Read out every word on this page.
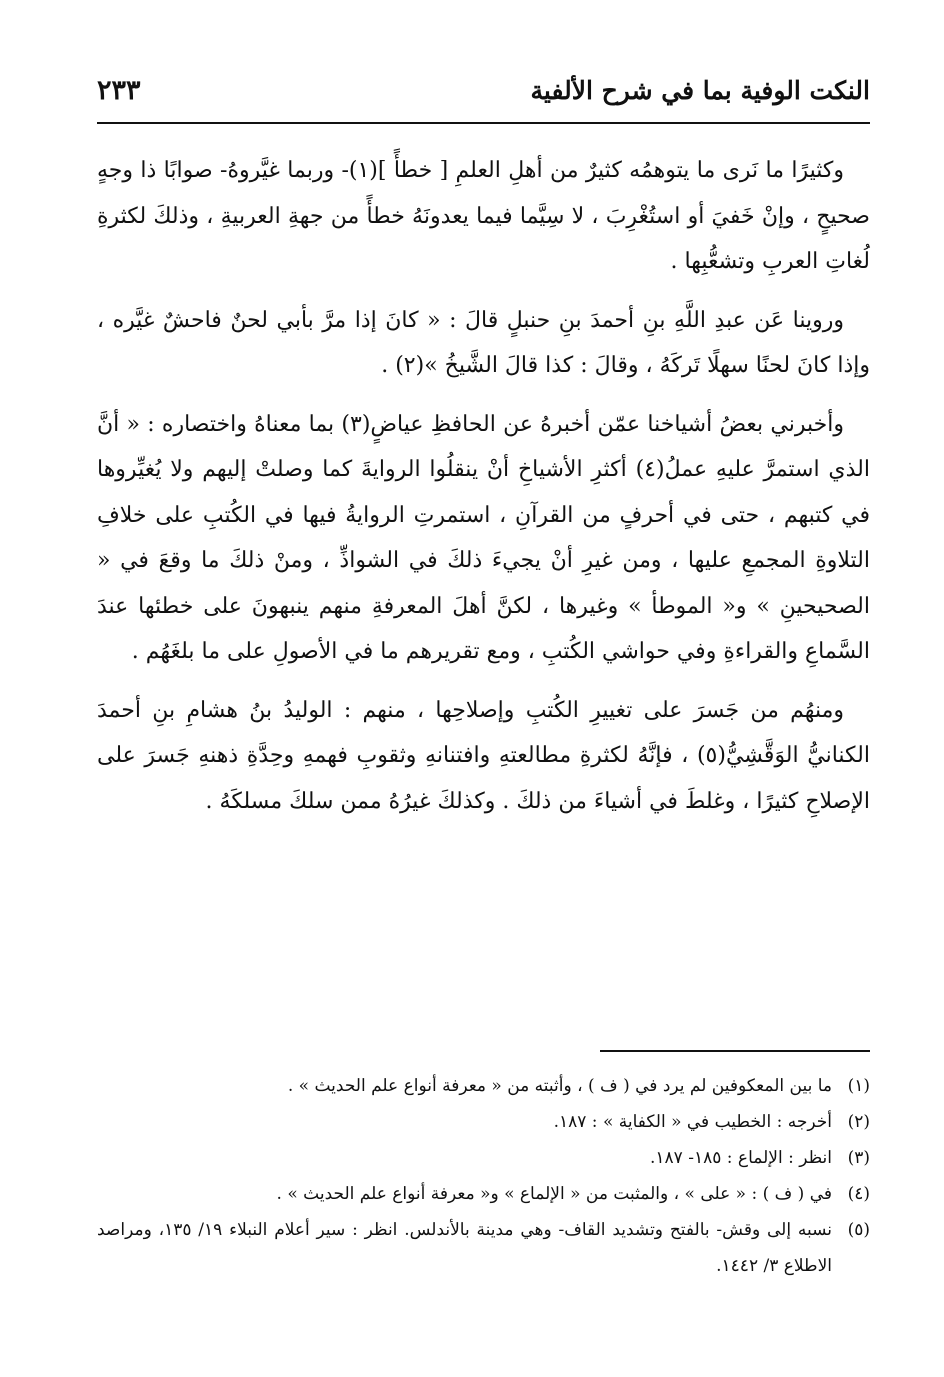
النكت الوفية بما في شرح الألفية
٢٣٣

وكثيرًا ما نَرى ما يتوهمُه كثيرٌ من أهلِ العلمِ [ خطأً ](١)- وربما غيَّروهُ- صوابًا ذا وجهٍ صحيحٍ ، وإنْ خَفيَ أو استُغْرِبَ ، لا سِيَّما فيما يعدونَهُ خطأً من جهةِ العربيةِ ، وذلكَ لكثرةِ لُغاتِ العربِ وتشعُّبِها .

وروينا عَن عبدِ اللَّهِ بنِ أحمدَ بنِ حنبلٍ قالَ : « كانَ إذا مرَّ بأبي لحنٌ فاحشٌ غيَّره ، وإذا كانَ لحنًا سهلًا تَركَهُ ، وقالَ : كذا قالَ الشَّيخُ »(٢) .

وأخبرني بعضُ أشياخنا عمّن أخبرهُ عن الحافظِ عياضٍ(٣) بما معناهُ واختصاره : « أنَّ الذي استمرَّ عليهِ عملُ(٤) أكثرِ الأشياخِ أنْ ينقلُوا الروايةَ كما وصلتْ إليهم ولا يُغيِّروها في كتبهم ، حتى في أحرفٍ من القرآنِ ، استمرتِ الروايةُ فيها في الكُتبِ على خلافِ التلاوةِ المجمعِ عليها ، ومن غيرِ أنْ يجيءَ ذلكَ في الشواذِّ ، ومنْ ذلكَ ما وقعَ في « الصحيحينِ » و« الموطأ » وغيرها ، لكنَّ أهلَ المعرفةِ منهم ينبهونَ على خطئها عندَ السَّماعِ والقراءةِ وفي حواشي الكُتبِ ، ومع تقريرهم ما في الأصولِ على ما بلغَهُم .

ومنهُم من جَسرَ على تغييرِ الكُتبِ وإصلاحِها ، منهم : الوليدُ بنُ هشامِ بنِ أحمدَ الكنانيُّ الوَقَّشِيُّ(٥) ، فإنَّهُ لكثرةِ مطالعتهِ وافتنانهِ وثقوبِ فهمهِ وحِدَّةِ ذهنهِ جَسرَ على الإصلاحِ كثيرًا ، وغلطَ في أشياءَ من ذلكَ . وكذلكَ غيرُهُ ممن سلكَ مسلكَهُ .

(١)ما بين المعكوفين لم يرد في ( ف ) ، وأثبته من « معرفة أنواع علم الحديث » .

(٢)أخرجه : الخطيب في « الكفاية » : ١٨٧.

(٣)انظر : الإلماع : ١٨٥- ١٨٧.

(٤)في ( ف ) : « على » ، والمثبت من « الإلماع » و« معرفة أنواع علم الحديث » .

(٥)نسبه إلى وقش- بالفتح وتشديد القاف- وهي مدينة بالأندلس. انظر : سير أعلام النبلاء ١٩/ ١٣٥، ومراصد الاطلاع ٣/ ١٤٤٢.
